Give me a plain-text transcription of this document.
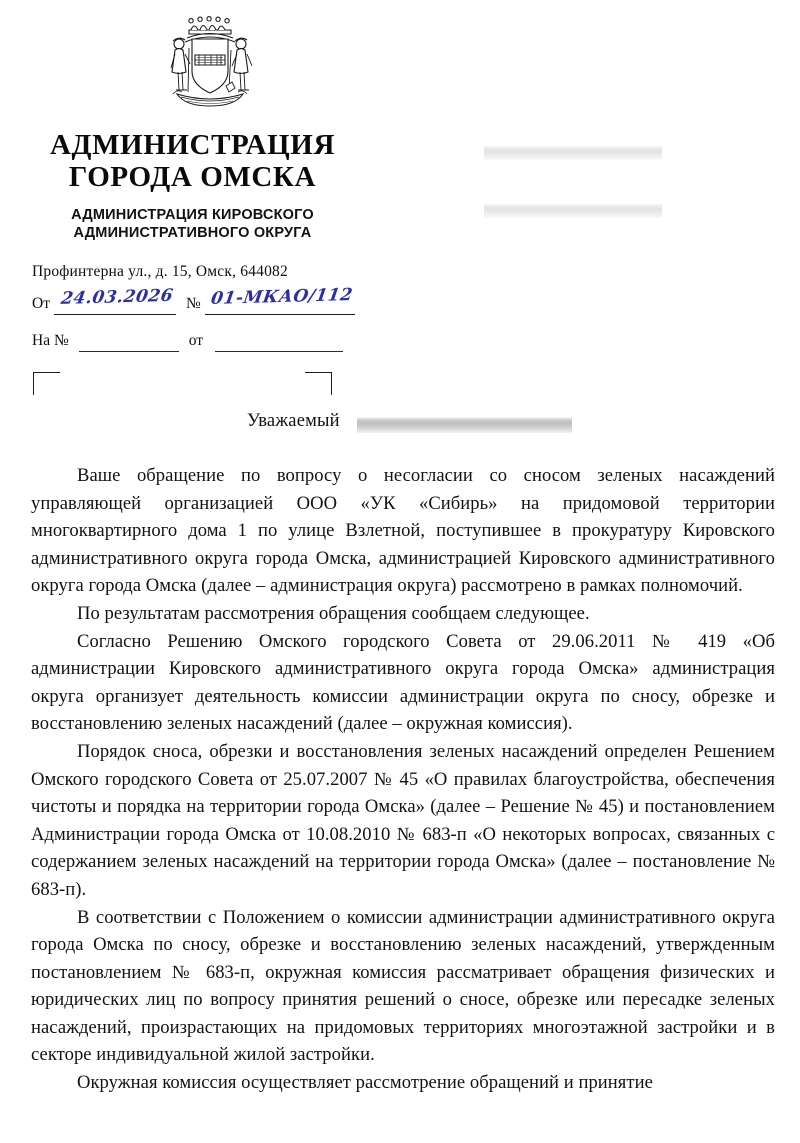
АДМИНИСТРАЦИЯ
ГОРОДА ОМСКА
АДМИНИСТРАЦИЯ КИРОВСКОГО
АДМИНИСТРАТИВНОГО ОКРУГА
Профинтерна ул., д. 15, Омск, 644082
От 24.03.2026 № 01-МКАО/112
На №	от
Уважаемый

Ваше обращение по вопросу о несогласии со сносом зеленых насаждений управляющей организацией ООО «УК «Сибирь» на придомовой территории многоквартирного дома 1 по улице Взлетной, поступившее в прокуратуру Кировского административного округа города Омска, администрацией Кировского административного округа города Омска (далее – администрация округа) рассмотрено в рамках полномочий.

По результатам рассмотрения обращения сообщаем следующее.

Согласно Решению Омского городского Совета от 29.06.2011 № 419 «Об администрации Кировского административного округа города Омска» администрация округа организует деятельность комиссии администрации округа по сносу, обрезке и восстановлению зеленых насаждений (далее – окружная комиссия).

Порядок сноса, обрезки и восстановления зеленых насаждений определен Решением Омского городского Совета от 25.07.2007 № 45 «О правилах благоустройства, обеспечения чистоты и порядка на территории города Омска» (далее – Решение № 45) и постановлением Администрации города Омска от 10.08.2010 № 683-п «О некоторых вопросах, связанных с содержанием зеленых насаждений на территории города Омска» (далее – постановление № 683-п).

В соответствии с Положением о комиссии администрации административного округа города Омска по сносу, обрезке и восстановлению зеленых насаждений, утвержденным постановлением № 683-п, окружная комиссия рассматривает обращения физических и юридических лиц по вопросу принятия решений о сносе, обрезке или пересадке зеленых насаждений, произрастающих на придомовых территориях многоэтажной застройки и в секторе индивидуальной жилой застройки.

Окружная комиссия осуществляет рассмотрение обращений и принятие
